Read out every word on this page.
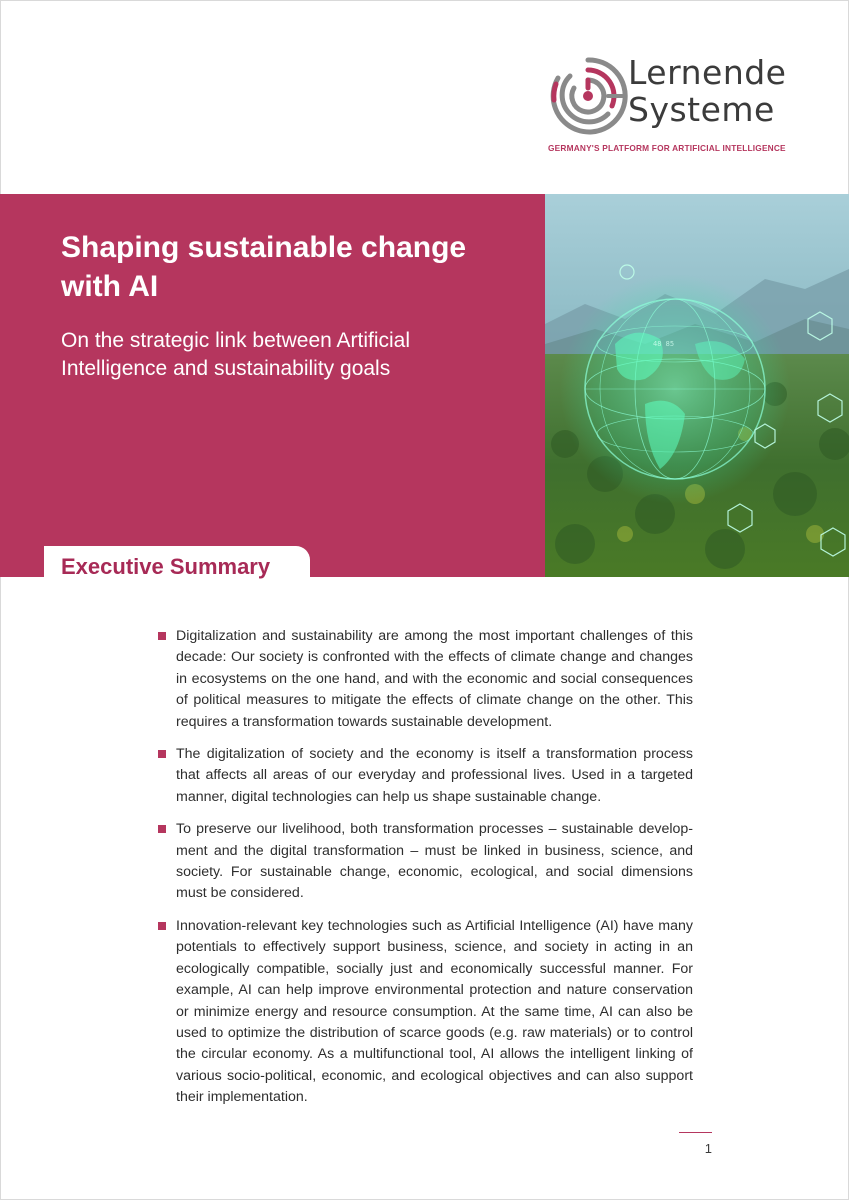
Lernende
Systeme
GERMANY'S PLATFORM FOR ARTIFICIAL INTELLIGENCE
Shaping sustainable change with AI

On the strategic link between Artificial Intelligence and sustainability goals

48 85
Executive Summary
Digitalization and sustainability are among the most important challenges of this decade: Our society is confronted with the effects of climate change and changes in ecosystems on the one hand, and with the economic and social consequences of political measures to mitigate the effects of climate change on the other. This requires a transformation towards sustainable development.
The digitalization of society and the economy is itself a transformation process that affects all areas of our everyday and professional lives. Used in a targeted manner, digital technologies can help us shape sustainable change.
To preserve our livelihood, both transformation processes – sustainable development and the digital transformation – must be linked in business, science, and society. For sustainable change, economic, ecological, and social dimensions must be considered.
Innovation-relevant key technologies such as Artificial Intelligence (AI) have many potentials to effectively support business, science, and society in acting in an ecologically compatible, socially just and economically successful manner. For example, AI can help improve environmental protection and nature conservation or minimize energy and resource consumption. At the same time, AI can also be used to optimize the distribution of scarce goods (e.g. raw materials) or to control the circular economy. As a multifunctional tool, AI allows the intelligent linking of various socio-political, economic, and ecological objectives and can also support their implementation.
1
